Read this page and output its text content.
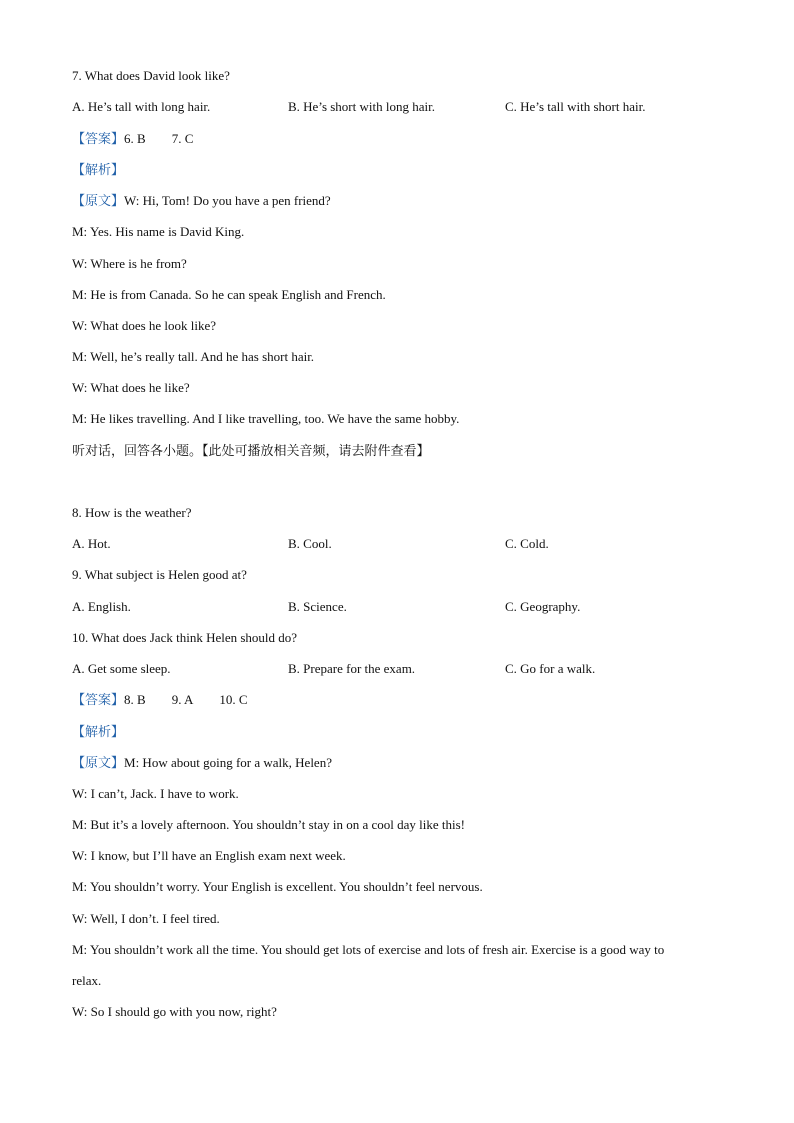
7. What does David look like?
A. He’s tall with long hair.	B. He’s short with long hair.	C. He’s tall with short hair.
【答案】6. B 7. C
【解析】
【原文】W: Hi, Tom! Do you have a pen friend?
M: Yes. His name is David King.
W: Where is he from?
M: He is from Canada. So he can speak English and French.
W: What does he look like?
M: Well, he’s really tall. And he has short hair.
W: What does he like?
M: He likes travelling. And I like travelling, too. We have the same hobby.
听对话，回答各小题。【此处可播放相关音频，请去附件查看】
8. How is the weather?
A. Hot.	B. Cool.	C. Cold.
9. What subject is Helen good at?
A. English.	B. Science.	C. Geography.
10. What does Jack think Helen should do?
A. Get some sleep.	B. Prepare for the exam.	C. Go for a walk.
【答案】8. B 9. A 10. C
【解析】
【原文】M: How about going for a walk, Helen?
W: I can’t, Jack. I have to work.
M: But it’s a lovely afternoon. You shouldn’t stay in on a cool day like this!
W: I know, but I’ll have an English exam next week.
M: You shouldn’t worry. Your English is excellent. You shouldn’t feel nervous.
W: Well, I don’t. I feel tired.
M: You shouldn’t work all the time. You should get lots of exercise and lots of fresh air. Exercise is a good way to
relax.
W: So I should go with you now, right?
